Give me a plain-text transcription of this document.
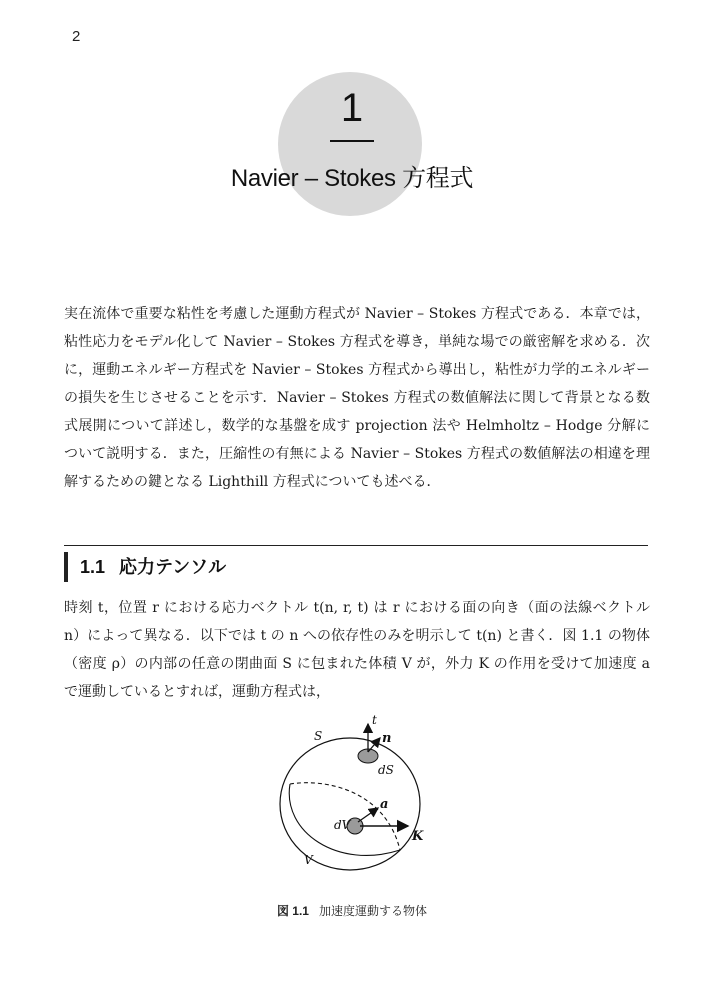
2
1
Navier – Stokes 方程式

実在流体で重要な粘性を考慮した運動方程式が Navier – Stokes 方程式である．本章では，粘性応力をモデル化して Navier – Stokes 方程式を導き，単純な場での厳密解を求める．次に，運動エネルギー方程式を Navier – Stokes 方程式から導出し，粘性が力学的エネルギーの損失を生じさせることを示す．Navier – Stokes 方程式の数値解法に関して背景となる数式展開について詳述し，数学的な基盤を成す projection 法や Helmholtz – Hodge 分解について説明する．また，圧縮性の有無による Navier – Stokes 方程式の数値解法の相違を理解するための鍵となる Lighthill 方程式についても述べる．

1.1 応力テンソル

時刻 t，位置 r における応力ベクトル t(n, r, t) は r における面の向き（面の法線ベクトル n）によって異なる．以下では t の n への依存性のみを明示して t(n) と書く．図 1.1 の物体（密度 ρ）の内部の任意の閉曲面 S に包まれた体積 V が，外力 K の作用を受けて加速度 a で運動しているとすれば，運動方程式は，

S
t
n
dS
a
dV
K
V
図 1.1 加速度運動する物体
